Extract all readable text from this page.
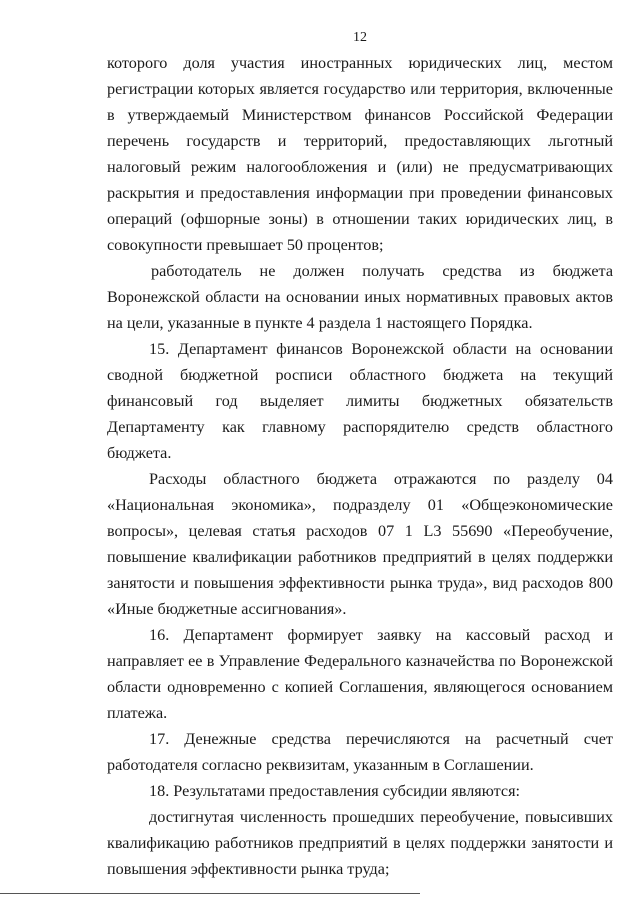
12

которого доля участия иностранных юридических лиц, местом регистрации которых является государство или территория, включенные в утверждаемый Министерством финансов Российской Федерации перечень государств и территорий, предоставляющих льготный налоговый режим налогообложения и (или) не предусматривающих раскрытия и предоставления информации при проведении финансовых операций (офшорные зоны) в отношении таких юридических лиц, в совокупности превышает 50 процентов;

работодатель не должен получать средства из бюджета Воронежской области на основании иных нормативных правовых актов на цели, указанные в пункте 4 раздела 1 настоящего Порядка.

15. Департамент финансов Воронежской области на основании сводной бюджетной росписи областного бюджета на текущий финансовый год выделяет лимиты бюджетных обязательств Департаменту как главному распорядителю средств областного бюджета.

Расходы областного бюджета отражаются по разделу 04 «Национальная экономика», подразделу 01 «Общеэкономические вопросы», целевая статья расходов 07 1 L3 55690 «Переобучение, повышение квалификации работников предприятий в целях поддержки занятости и повышения эффективности рынка труда», вид расходов 800 «Иные бюджетные ассигнования».

16. Департамент формирует заявку на кассовый расход и направляет ее в Управление Федерального казначейства по Воронежской области одновременно с копией Соглашения, являющегося основанием платежа.

17. Денежные средства перечисляются на расчетный счет работодателя согласно реквизитам, указанным в Соглашении.

18. Результатами предоставления субсидии являются:

достигнутая численность прошедших переобучение, повысивших квалификацию работников предприятий в целях поддержки занятости и повышения эффективности рынка труда;
